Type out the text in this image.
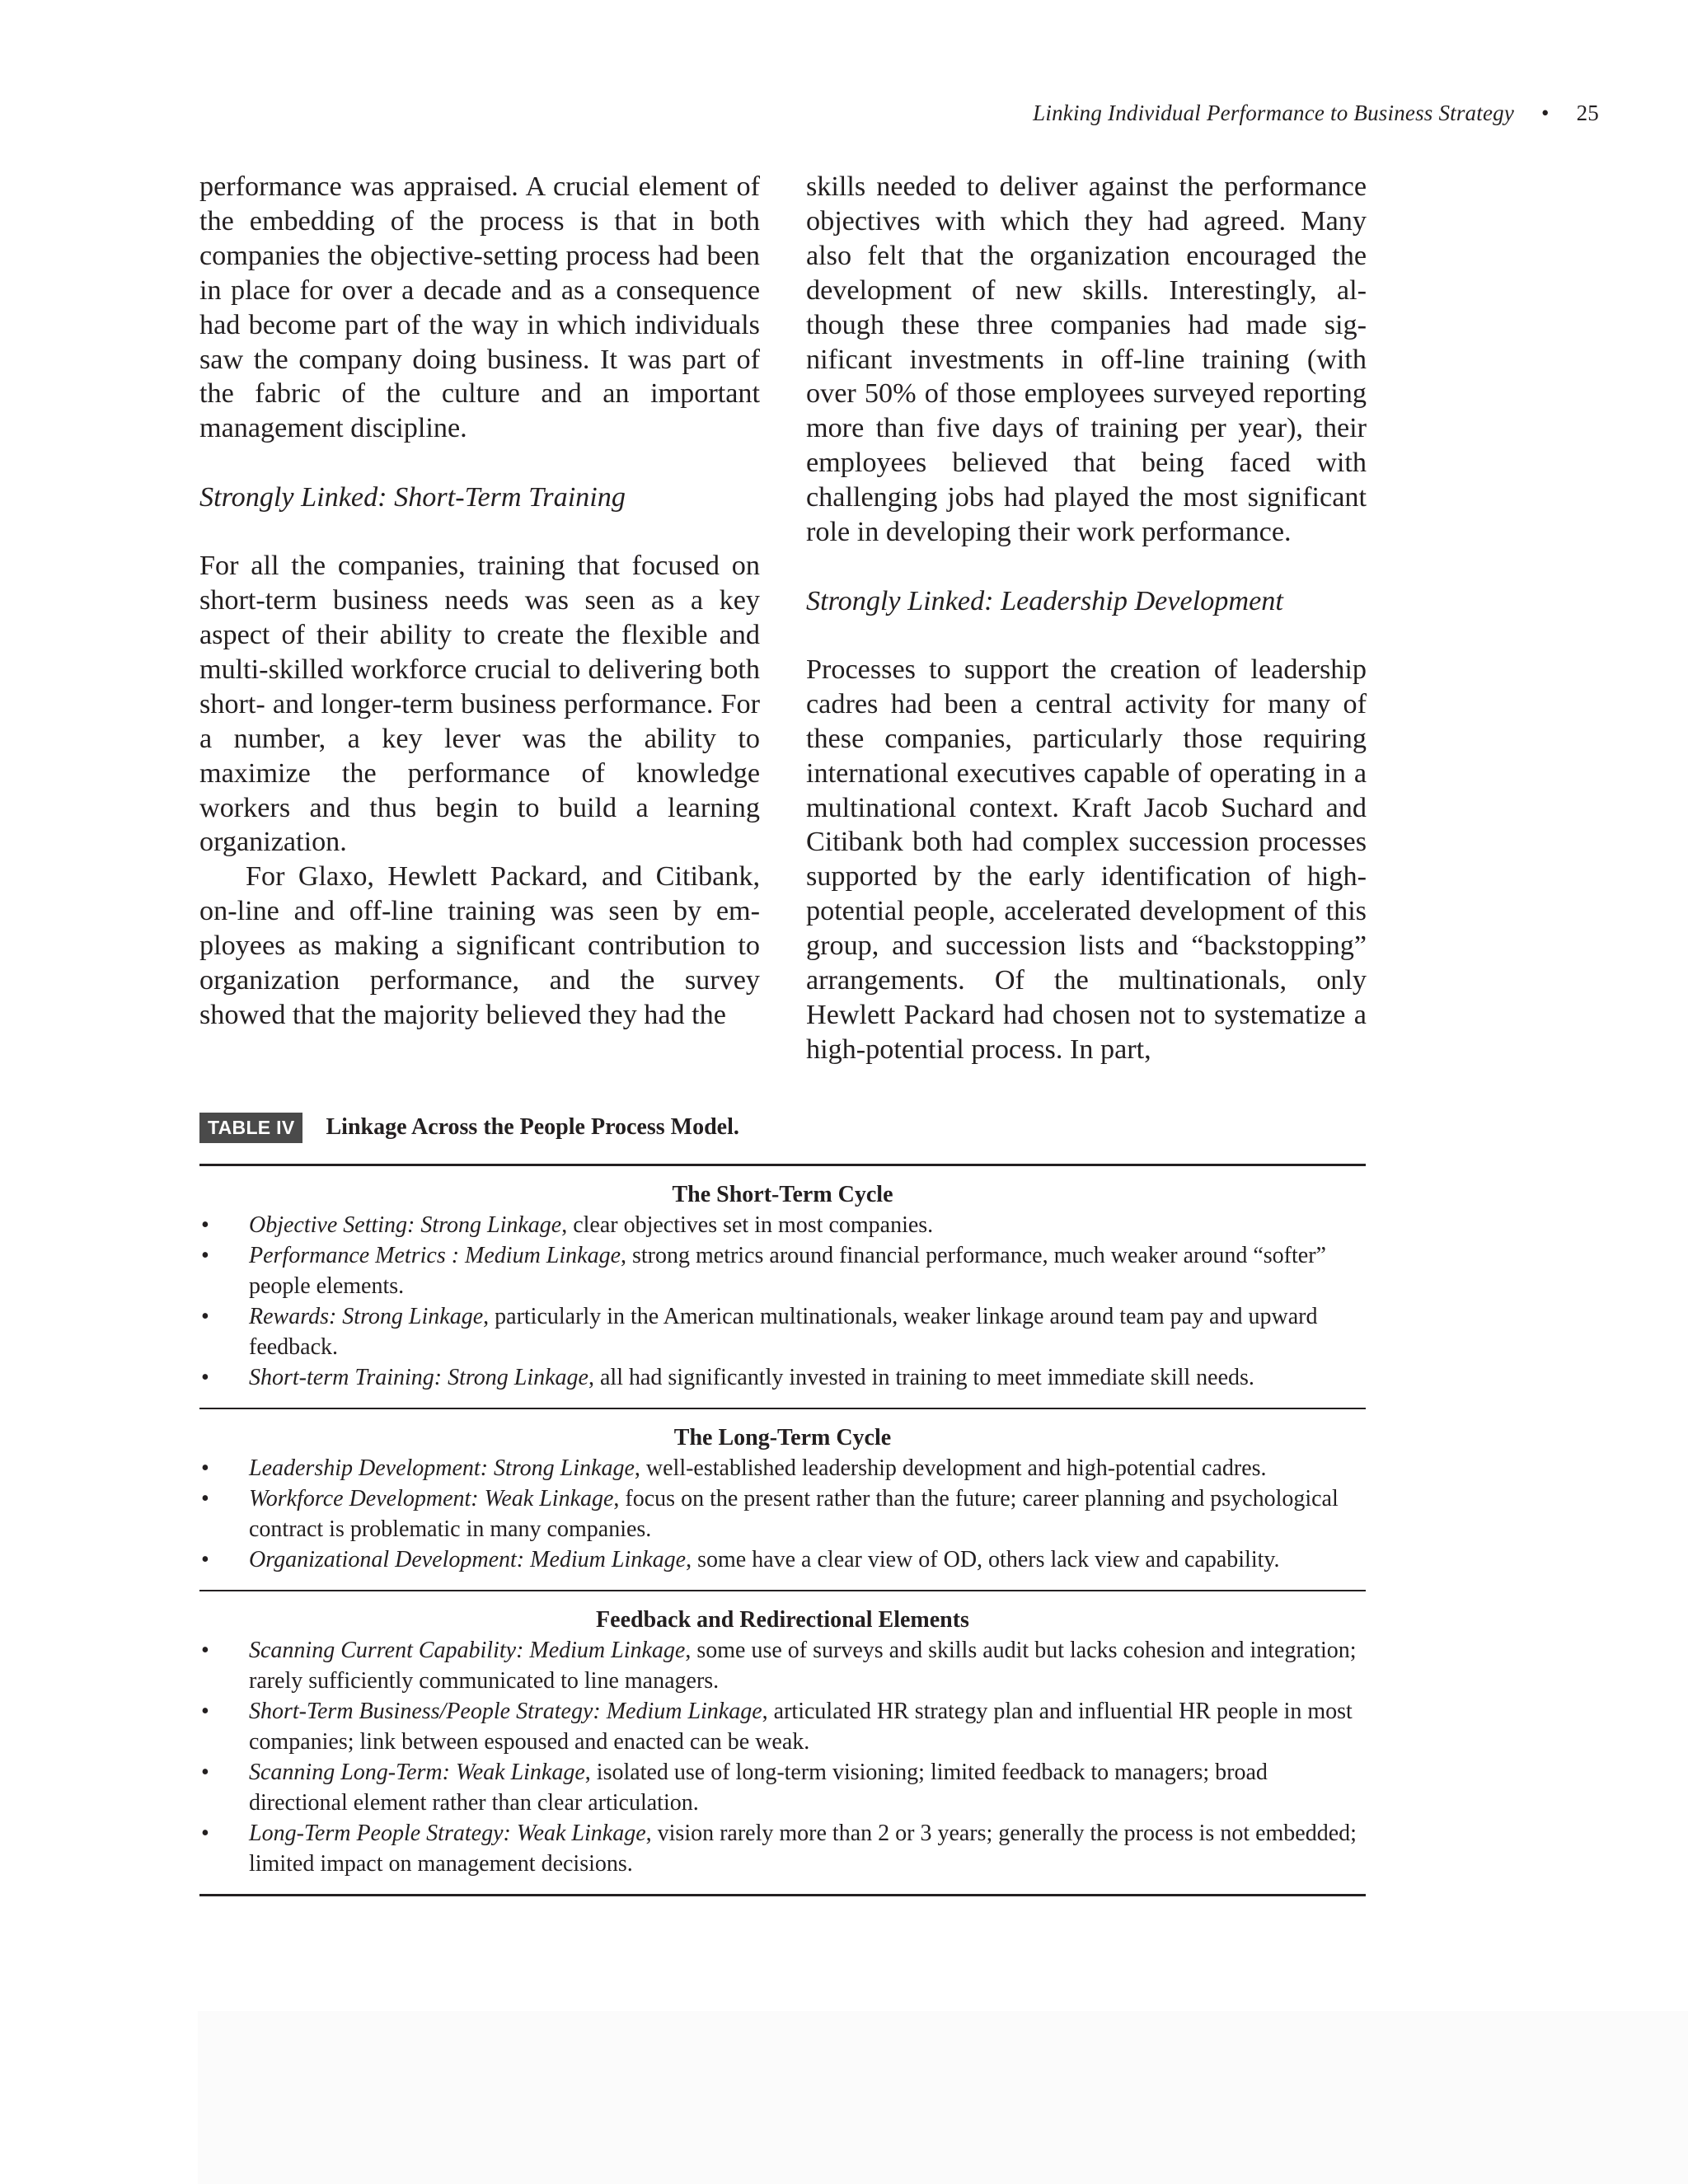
Linking Individual Performance to Business Strategy • 25

performance was appraised. A crucial element of the embedding of the process is that in both companies the objective-setting process had been in place for over a decade and as a consequence had become part of the way in which individuals saw the company doing business. It was part of the fabric of the culture and an important management discipline.

Strongly Linked: Short-Term Training

For all the companies, training that focused on short-term business needs was seen as a key aspect of their ability to create the flexible and multi-skilled workforce crucial to delivering both short- and longer-term business performance. For a number, a key lever was the ability to maximize the performance of knowledge workers and thus begin to build a learning organization.

For Glaxo, Hewlett Packard, and Citibank, on-line and off-line training was seen by employees as making a significant contribution to organization performance, and the survey showed that the majority believed they had the

skills needed to deliver against the performance objectives with which they had agreed. Many also felt that the organization encouraged the development of new skills. Interestingly, although these three companies had made significant investments in off-line training (with over 50% of those employees surveyed reporting more than five days of training per year), their employees believed that being faced with challenging jobs had played the most significant role in developing their work performance.

Strongly Linked: Leadership Development

Processes to support the creation of leadership cadres had been a central activity for many of these companies, particularly those requiring international executives capable of operating in a multinational context. Kraft Jacob Suchard and Citibank both had complex succession processes supported by the early identification of high-potential people, accelerated development of this group, and succession lists and “backstopping” arrangements. Of the multinationals, only Hewlett Packard had chosen not to systematize a high-potential process. In part,

TABLE IV	Linkage Across the People Process Model.
The Short-Term Cycle
• Objective Setting: Strong Linkage, clear objectives set in most companies.
• Performance Metrics : Medium Linkage, strong metrics around financial performance, much weaker around “softer” people elements.
• Rewards: Strong Linkage, particularly in the American multinationals, weaker linkage around team pay and upward feedback.
• Short-term Training: Strong Linkage, all had significantly invested in training to meet immediate skill needs.
The Long-Term Cycle
• Leadership Development: Strong Linkage, well-established leadership development and high-potential cadres.
• Workforce Development: Weak Linkage, focus on the present rather than the future; career planning and psychological contract is problematic in many companies.
• Organizational Development: Medium Linkage, some have a clear view of OD, others lack view and capability.
Feedback and Redirectional Elements
• Scanning Current Capability: Medium Linkage, some use of surveys and skills audit but lacks cohesion and integration; rarely sufficiently communicated to line managers.
• Short-Term Business/People Strategy: Medium Linkage, articulated HR strategy plan and influential HR people in most companies; link between espoused and enacted can be weak.
• Scanning Long-Term: Weak Linkage, isolated use of long-term visioning; limited feedback to managers; broad directional element rather than clear articulation.
• Long-Term People Strategy: Weak Linkage, vision rarely more than 2 or 3 years; generally the process is not embedded; limited impact on management decisions.
